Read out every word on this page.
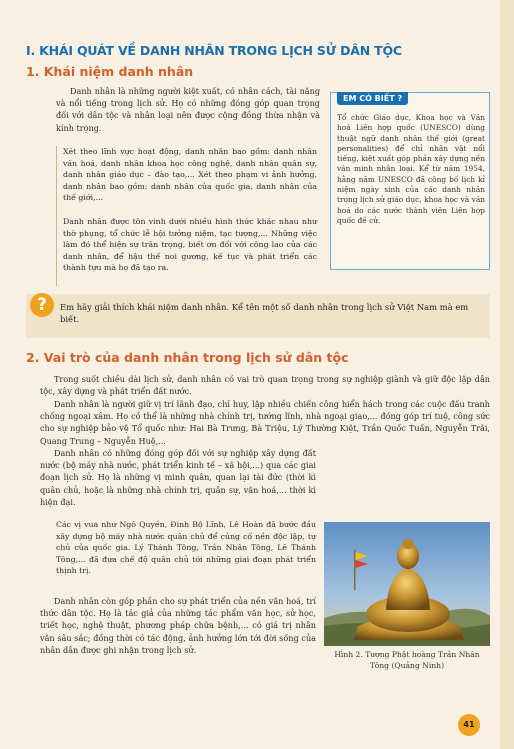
I. KHÁI QUÁT VỀ DANH NHÂN TRONG LỊCH SỬ DÂN TỘC
1. Khái niệm danh nhân
Danh nhân là những người kiệt xuất, có nhân cách, tài năng và nổi tiếng trong lịch sử. Họ có những đóng góp quan trọng đối với dân tộc và nhân loại nên được cộng đồng thừa nhận và kính trọng.
Xét theo lĩnh vực hoạt động, danh nhân bao gồm: danh nhân văn hoá, danh nhân khoa học công nghệ, danh nhân quân sự, danh nhân giáo dục – đào tạo,... Xét theo phạm vi ảnh hưởng, danh nhân bao gồm: danh nhân của quốc gia, danh nhân của thế giới,...
Danh nhân được tôn vinh dưới nhiều hình thức khác nhau như thờ phụng, tổ chức lễ hội tưởng niệm, tạc tượng,... Những việc làm đó thể hiện sự trân trọng, biết ơn đối với công lao của các danh nhân, để hậu thế noi gương, kế tục và phát triển các thành tựu mà họ đã tạo ra.
EM CÓ BIẾT ?
Tổ chức Giáo dục, Khoa học và Văn hoá Liên hợp quốc (UNESCO) dùng thuật ngữ danh nhân thế giới (great personalities) để chỉ nhân vật nổi tiếng, kiệt xuất góp phần xây dựng nền văn minh nhân loại. Kể từ năm 1954, hằng năm UNESCO đã công bố lịch kỉ niệm ngày sinh của các danh nhân trong lịch sử giáo dục, khoa học và văn hoá do các nước thành viên Liên hợp quốc đề cử.
?	Em hãy giải thích khái niệm danh nhân. Kể tên một số danh nhân trong lịch sử Việt Nam mà em biết.
2. Vai trò của danh nhân trong lịch sử dân tộc
Trong suốt chiều dài lịch sử, danh nhân có vai trò quan trọng trong sự nghiệp giành và giữ độc lập dân tộc, xây dựng và phát triển đất nước.
Danh nhân là người giữ vị trí lãnh đạo, chỉ huy, lập nhiều chiến công hiển hách trong các cuộc đấu tranh chống ngoại xâm. Họ có thể là những nhà chính trị, tướng lĩnh, nhà ngoại giao,... đóng góp trí tuệ, công sức cho sự nghiệp bảo vệ Tổ quốc như: Hai Bà Trưng, Bà Triệu, Lý Thường Kiệt, Trần Quốc Tuấn, Nguyễn Trãi, Quang Trung – Nguyễn Huệ,...
Danh nhân có những đóng góp đối với sự nghiệp xây dựng đất nước (bộ máy nhà nước, phát triển kinh tế – xã hội,...) qua các giai đoạn lịch sử. Họ là những vị minh quân, quan lại tài đức (thời kì quân chủ, hoặc là những nhà chính trị, quân sự, văn hoá,... thời kì hiện đại.
Các vị vua như Ngô Quyền, Đinh Bộ Lĩnh, Lê Hoàn đã bước đầu xây dựng bộ máy nhà nước quân chủ để củng cố nền độc lập, tự chủ của quốc gia. Lý Thánh Tông, Trần Nhân Tông, Lê Thánh Tông,... đã đưa chế độ quân chủ tới những giai đoạn phát triển thịnh trị.
Danh nhân còn góp phần cho sự phát triển của nền văn hoá, trí thức dân tộc. Họ là tác giả của những tác phẩm văn học, sử học, triết học, nghệ thuật, phương pháp chữa bệnh,... có giá trị nhân văn sâu sắc; đồng thời có tác động, ảnh hưởng lớn tới đời sống của nhân dân được ghi nhận trong lịch sử.	Hình 2. Tượng Phật hoàng Trần Nhân Tông (Quảng Ninh)
41
